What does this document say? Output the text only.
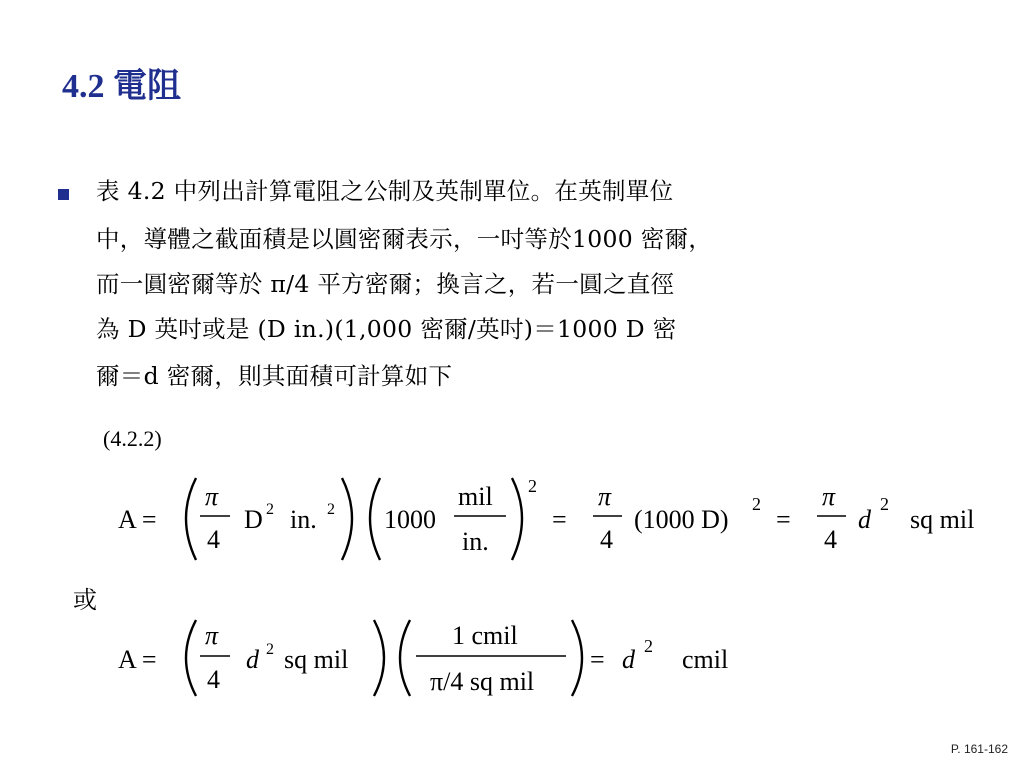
4.2 電阻
表 4.2 中列出計算電阻之公制及英制單位。在英制單位
中，導體之截面積是以圓密爾表示，一吋等於1000 密爾，
而一圓密爾等於 π/4 平方密爾；換言之，若一圓之直徑
為 D 英吋或是 (D in.)(1,000 密爾/英吋)＝1000 D 密
爾＝d 密爾，則其面積可計算如下
(4.2.2)
A =
π
4
D 2 in. 2 1000
mil
in.
2
=
π
4
(1000 D)
2
=
π
4
d
2
sq mil
或
A =
π
4
d 2 sq mil
1 cmil
π/4 sq mil
= d 2 cmil
P. 161-162
